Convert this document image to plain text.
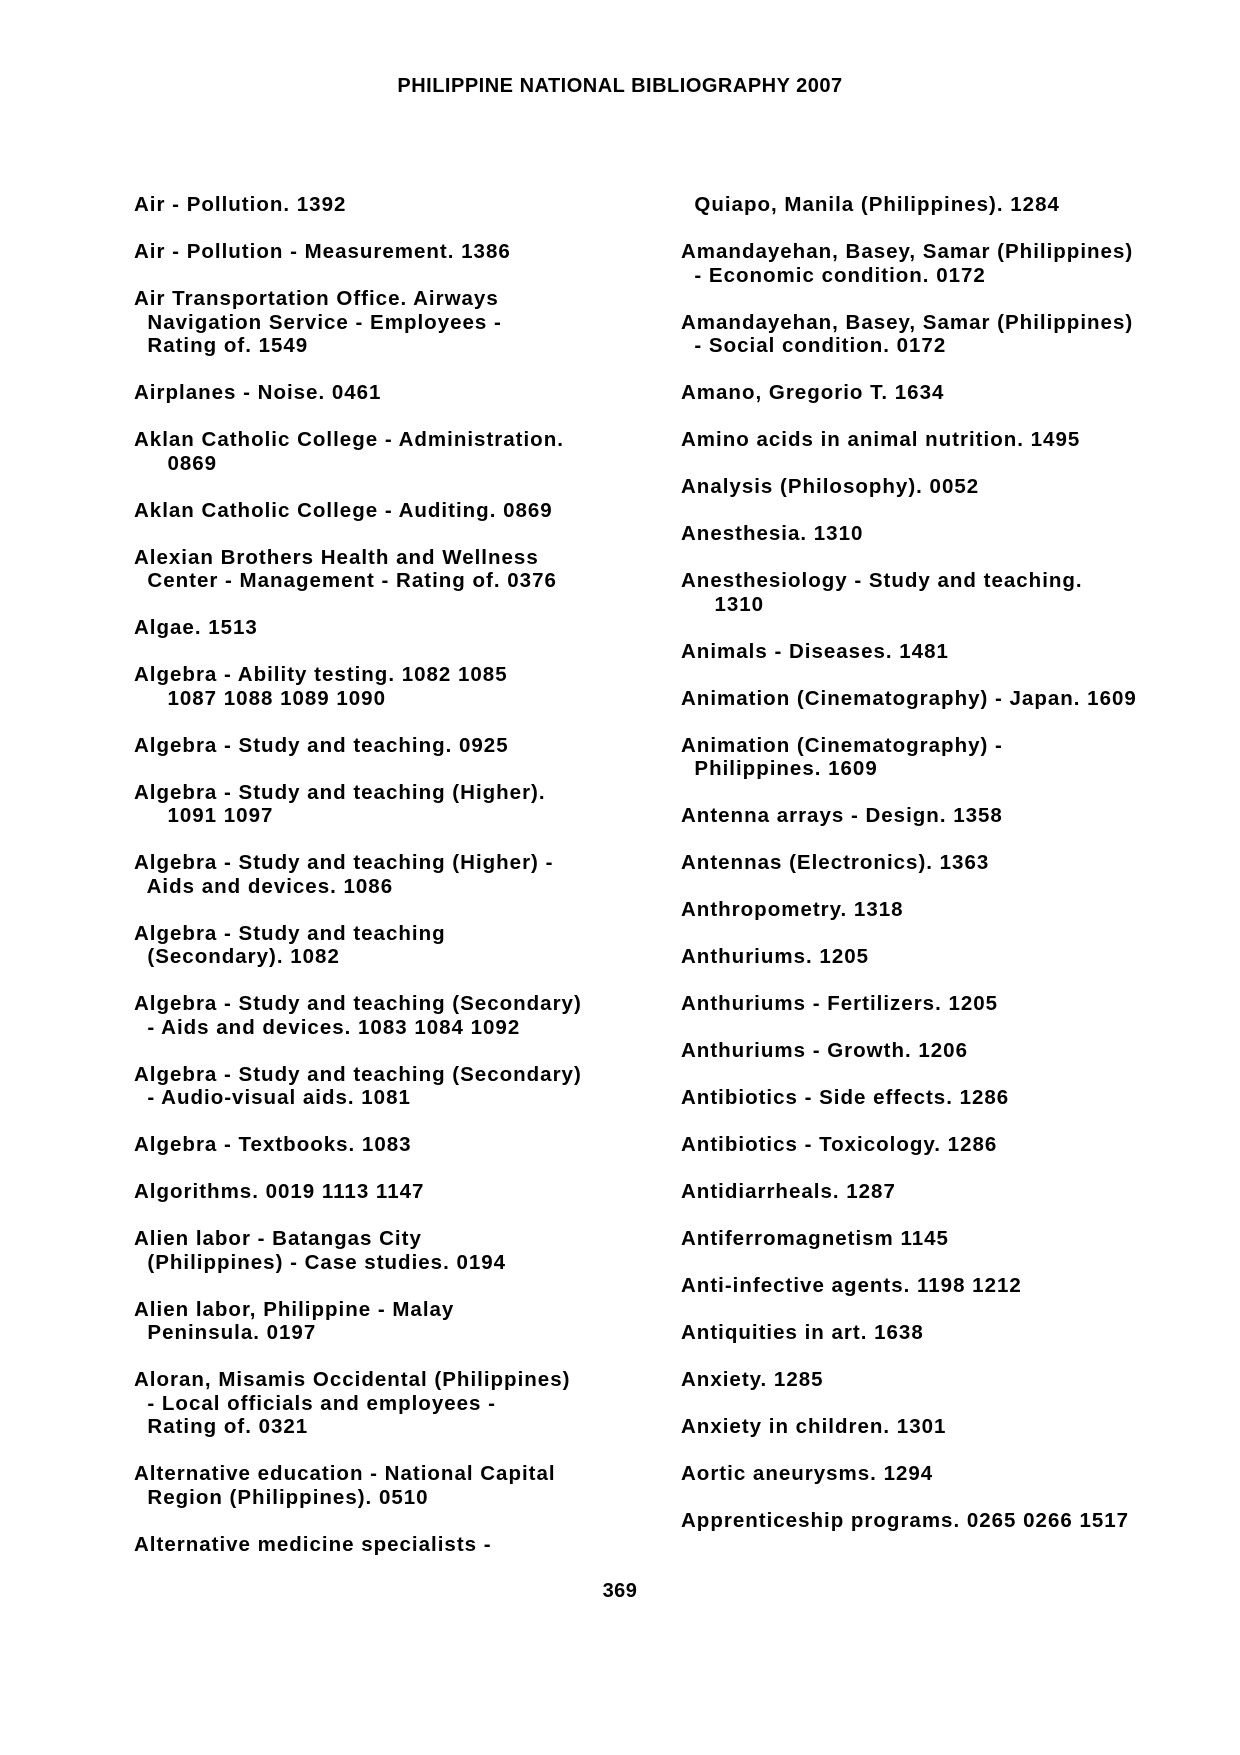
PHILIPPINE NATIONAL BIBLIOGRAPHY 2007
Air - Pollution. 1392
Air - Pollution - Measurement. 1386
Air Transportation Office. Airways
Navigation Service - Employees -
Rating of. 1549
Airplanes - Noise. 0461
Aklan Catholic College - Administration.
0869
Aklan Catholic College - Auditing. 0869
Alexian Brothers Health and Wellness
Center - Management - Rating of. 0376
Algae. 1513
Algebra - Ability testing. 1082 1085
1087 1088 1089 1090
Algebra - Study and teaching. 0925
Algebra - Study and teaching (Higher).
1091 1097
Algebra - Study and teaching (Higher) -
Aids and devices. 1086
Algebra - Study and teaching
(Secondary). 1082
Algebra - Study and teaching (Secondary)
- Aids and devices. 1083 1084 1092
Algebra - Study and teaching (Secondary)
- Audio-visual aids. 1081
Algebra - Textbooks. 1083
Algorithms. 0019 1113 1147
Alien labor - Batangas City
(Philippines) - Case studies. 0194
Alien labor, Philippine - Malay
Peninsula. 0197
Aloran, Misamis Occidental (Philippines)
- Local officials and employees -
Rating of. 0321
Alternative education - National Capital
Region (Philippines). 0510
Alternative medicine specialists -
Quiapo, Manila (Philippines). 1284
Amandayehan, Basey, Samar (Philippines)
- Economic condition. 0172
Amandayehan, Basey, Samar (Philippines)
- Social condition. 0172
Amano, Gregorio T. 1634
Amino acids in animal nutrition. 1495
Analysis (Philosophy). 0052
Anesthesia. 1310
Anesthesiology - Study and teaching.
1310
Animals - Diseases. 1481
Animation (Cinematography) - Japan. 1609
Animation (Cinematography) -
Philippines. 1609
Antenna arrays - Design. 1358
Antennas (Electronics). 1363
Anthropometry. 1318
Anthuriums. 1205
Anthuriums - Fertilizers. 1205
Anthuriums - Growth. 1206
Antibiotics - Side effects. 1286
Antibiotics - Toxicology. 1286
Antidiarrheals. 1287
Antiferromagnetism 1145
Anti-infective agents. 1198 1212
Antiquities in art. 1638
Anxiety. 1285
Anxiety in children. 1301
Aortic aneurysms. 1294
Apprenticeship programs. 0265 0266 1517
369
